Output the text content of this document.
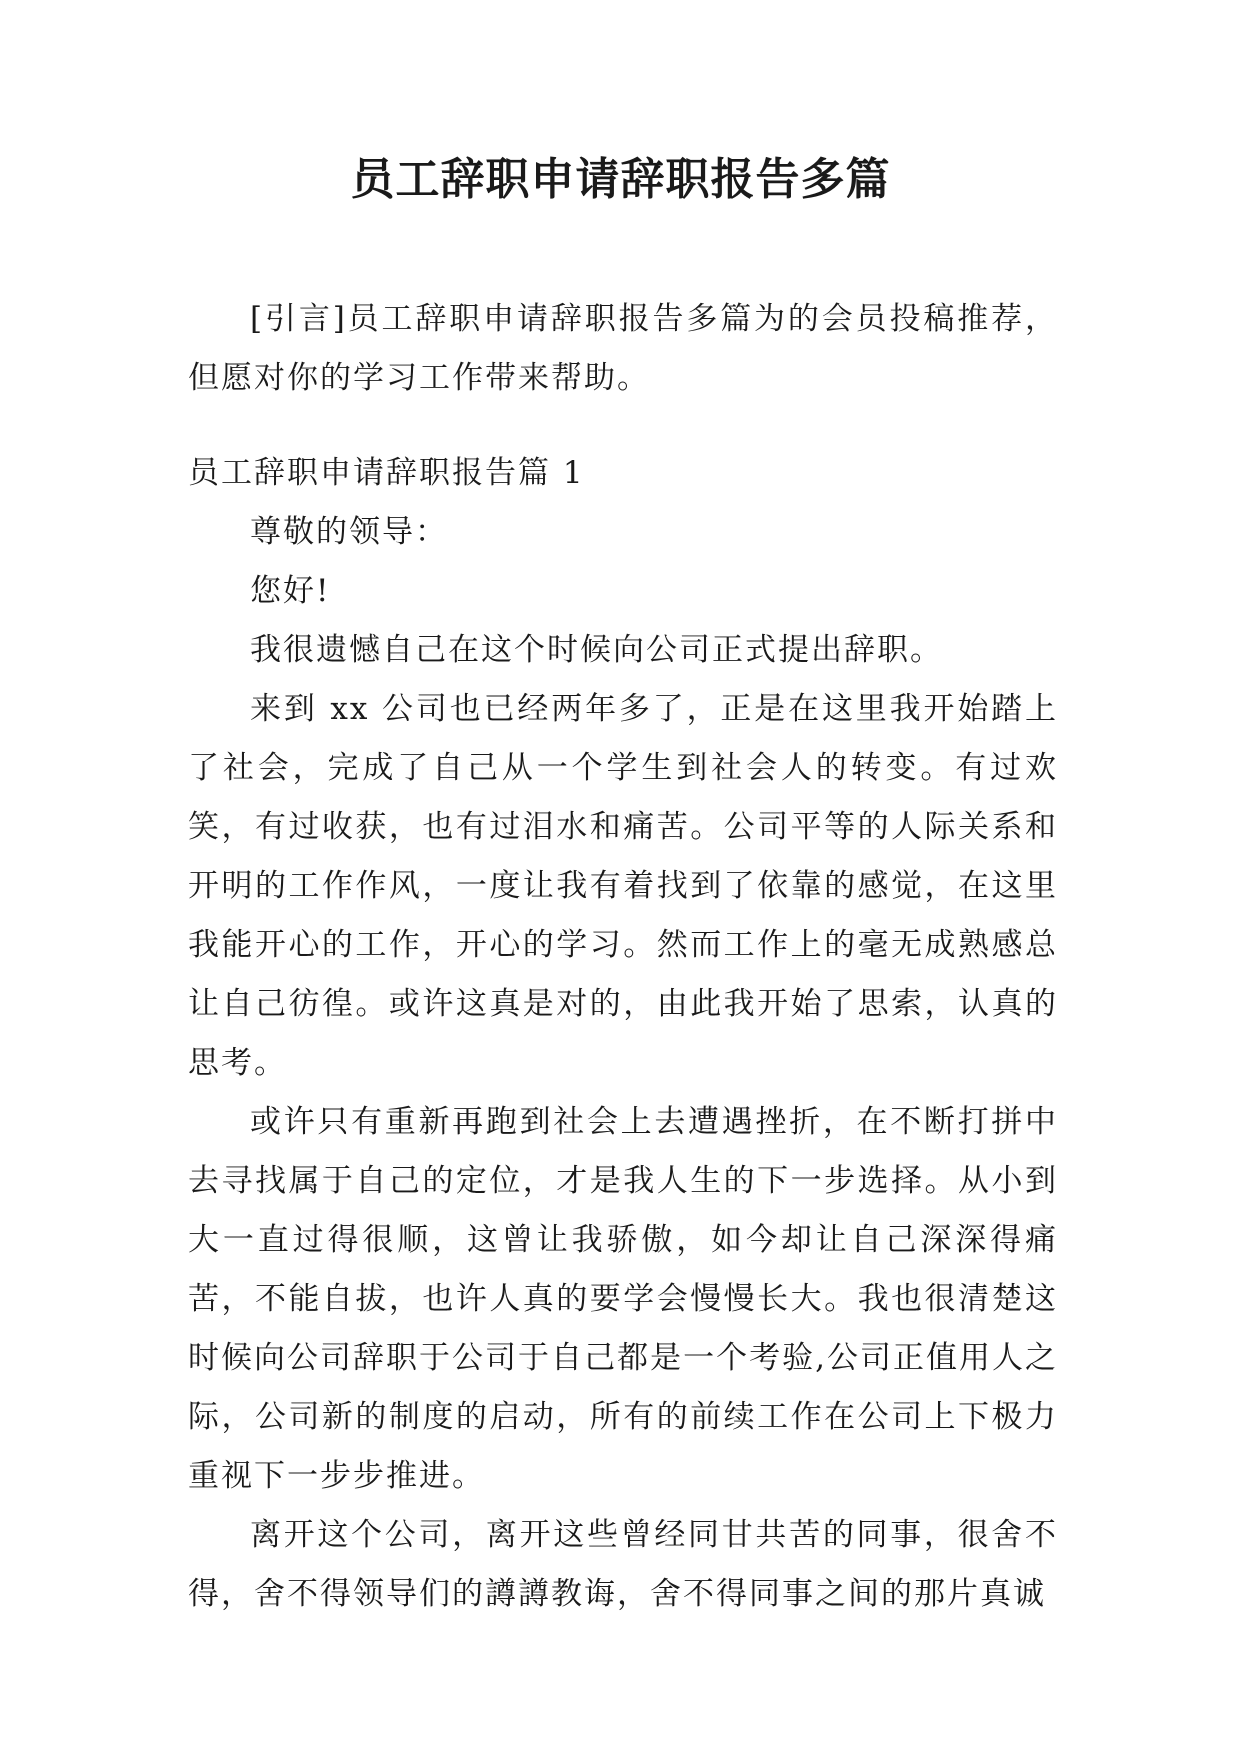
员工辞职申请辞职报告多篇

[引言]员工辞职申请辞职报告多篇为的会员投稿推荐，但愿对你的学习工作带来帮助。

员工辞职申请辞职报告篇 1

尊敬的领导：

您好!

我很遗憾自己在这个时候向公司正式提出辞职。

来到 xx 公司也已经两年多了，正是在这里我开始踏上了社会，完成了自己从一个学生到社会人的转变。有过欢笑，有过收获，也有过泪水和痛苦。公司平等的人际关系和开明的工作作风，一度让我有着找到了依靠的感觉，在这里我能开心的工作，开心的学习。然而工作上的毫无成熟感总让自己彷徨。或许这真是对的，由此我开始了思索，认真的思考。

或许只有重新再跑到社会上去遭遇挫折，在不断打拼中去寻找属于自己的定位，才是我人生的下一步选择。从小到大一直过得很顺，这曾让我骄傲，如今却让自己深深得痛苦，不能自拔，也许人真的要学会慢慢长大。我也很清楚这时候向公司辞职于公司于自己都是一个考验,公司正值用人之际，公司新的制度的启动，所有的前续工作在公司上下极力重视下一步步推进。

离开这个公司，离开这些曾经同甘共苦的同事，很舍不得，舍不得领导们的譐譐教诲，舍不得同事之间的那片真诚
